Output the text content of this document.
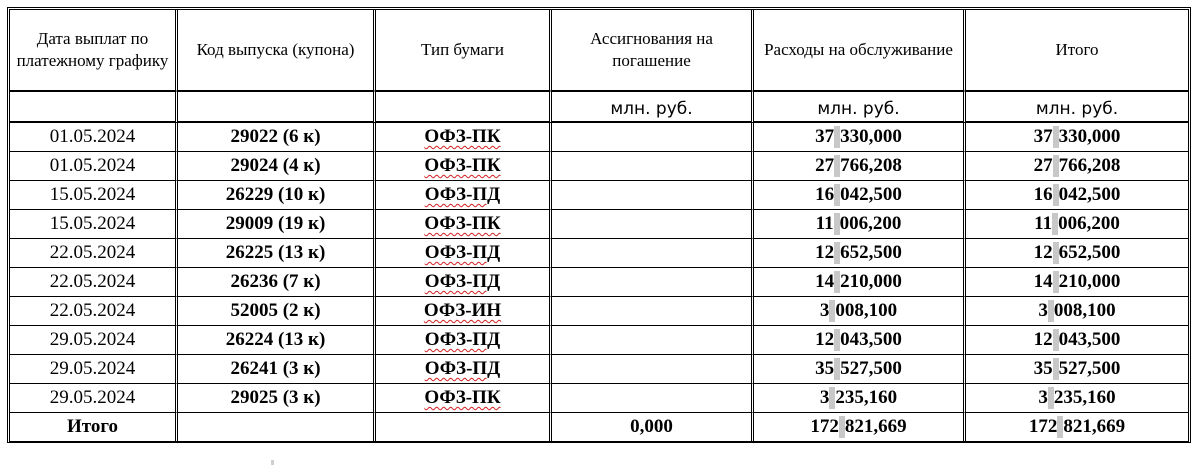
Дата выплат по платежному графику	Код выпуска (купона)	Тип бумаги	Ассигнования на погашение	Расходы на обслуживание	Итого
			млн. руб.	млн. руб.	млн. руб.
01.05.2024	29022 (6 к)	ОФЗ-ПК		37 330,000	37 330,000
01.05.2024	29024 (4 к)	ОФЗ-ПК		27 766,208	27 766,208
15.05.2024	26229 (10 к)	ОФЗ-ПД		16 042,500	16 042,500
15.05.2024	29009 (19 к)	ОФЗ-ПК		11 006,200	11 006,200
22.05.2024	26225 (13 к)	ОФЗ-ПД		12 652,500	12 652,500
22.05.2024	26236 (7 к)	ОФЗ-ПД		14 210,000	14 210,000
22.05.2024	52005 (2 к)	ОФЗ-ИН		3 008,100	3 008,100
29.05.2024	26224 (13 к)	ОФЗ-ПД		12 043,500	12 043,500
29.05.2024	26241 (3 к)	ОФЗ-ПД		35 527,500	35 527,500
29.05.2024	29025 (3 к)	ОФЗ-ПК		3 235,160	3 235,160
Итого			0,000	172 821,669	172 821,669
